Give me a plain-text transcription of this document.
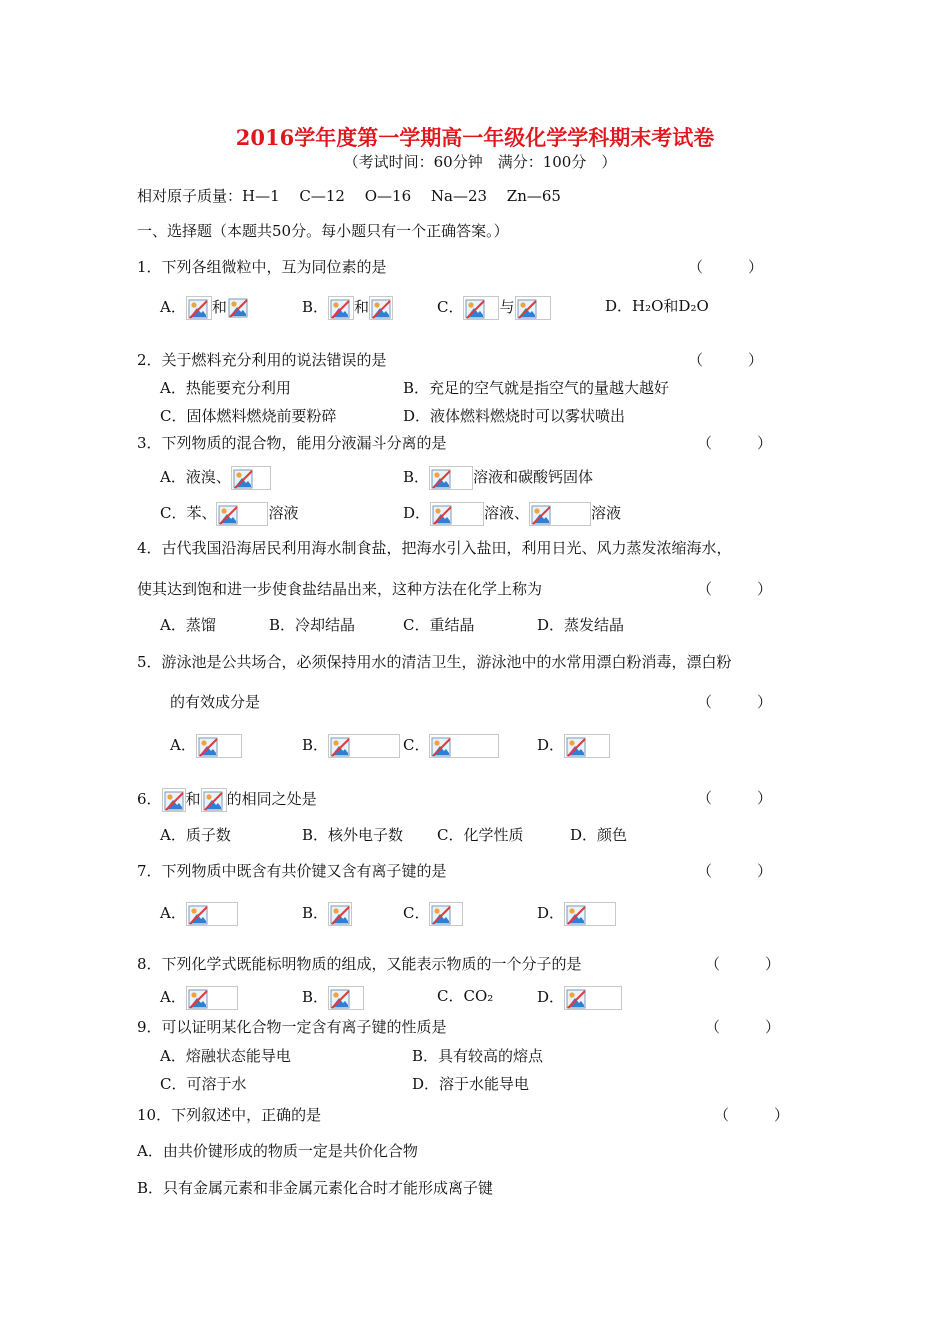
2016学年度第一学期高一年级化学学科期末考试卷
（考试时间：60分钟　满分：100分　）
相对原子质量：H—1　 C—12　 O—16　 Na—23　 Zn—65
一、选择题（本题共50分。每小题只有一个正确答案。）
1．下列各组微粒中，互为同位素的是	（　　　）
A． 和	B． 和	C． 与	D．H₂O和D₂O
2．关于燃料充分利用的说法错误的是	（　　　）
A．热能要充分利用	B．充足的空气就是指空气的量越大越好
C．固体燃料燃烧前要粉碎	D．液体燃料燃烧时可以雾状喷出
3．下列物质的混合物，能用分液漏斗分离的是	（　　　）
A．液溴、	B．	溶液和碳酸钙固体
C．苯、	溶液	D．	溶液、	溶液
4．古代我国沿海居民利用海水制食盐，把海水引入盐田，利用日光、风力蒸发浓缩海水，
使其达到饱和进一步使食盐结晶出来，这种方法在化学上称为	（　　　）
A．蒸馏	B．冷却结晶	C．重结晶	D．蒸发结晶
5．游泳池是公共场合，必须保持用水的清洁卫生，游泳池中的水常用漂白粉消毒，漂白粉
的有效成分是	（　　　）
A．	B．	C．	D．
6． 和 的相同之处是	（　　　）
A．质子数	B．核外电子数 C．化学性质	D．颜色
7．下列物质中既含有共价键又含有离子键的是	（　　　）
A．	B．	C．	D．
8．下列化学式既能标明物质的组成，又能表示物质的一个分子的是	（　　　）
A．	B．	C．CO₂	D．
9．可以证明某化合物一定含有离子键的性质是	（　　　）
A．熔融状态能导电	B．具有较高的熔点
C．可溶于水	D．溶于水能导电
10．下列叙述中，正确的是	（　　　）
A．由共价键形成的物质一定是共价化合物
B．只有金属元素和非金属元素化合时才能形成离子键
